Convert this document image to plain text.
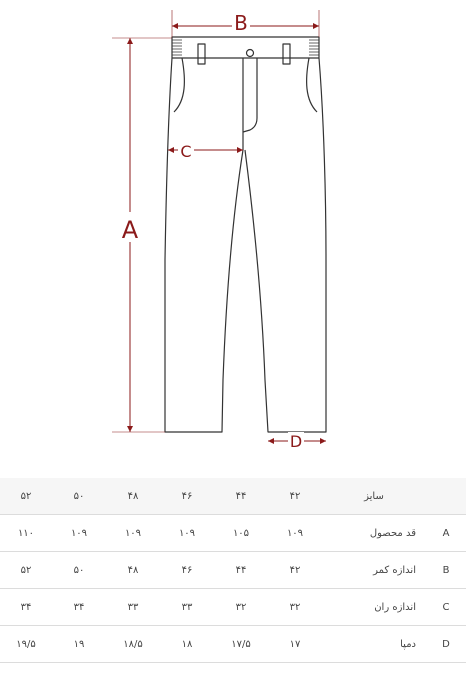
A
B
C
D
۵۲	۵۰	۴۸	۴۶	۴۴	۴۲	سایز	
۱۱۰	۱۰۹	۱۰۹	۱۰۹	۱۰۵	۱۰۹	قد محصول	A
۵۲	۵۰	۴۸	۴۶	۴۴	۴۲	اندازه کمر	B
۳۴	۳۴	۳۳	۳۳	۳۲	۳۲	اندازه ران	C
۱۹/۵	۱۹	۱۸/۵	۱۸	۱۷/۵	۱۷	دمپا	D
